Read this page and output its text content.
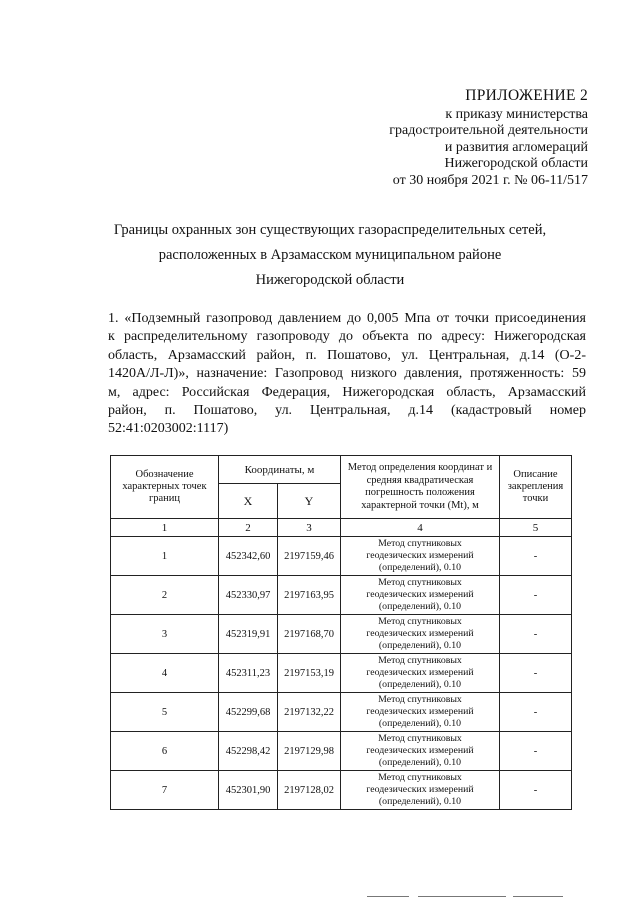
ПРИЛОЖЕНИЕ 2
к приказу министерства
градостроительной деятельности
и развития агломераций
Нижегородской области
от 30 ноября 2021 г. № 06-11/517
Границы охранных зон существующих газораспределительных сетей,
расположенных в Арзамасском муниципальном районе
Нижегородской области
1. «Подземный газопровод давлением до 0,005 Мпа от точки присоединения
к распределительному газопроводу до объекта по адресу: Нижегородская
область, Арзамасский район, п. Пошатово, ул. Центральная, д.14 (О-2-
1420А/Л-Л)», назначение: Газопровод низкого давления, протяженность: 59
м, адрес: Российская Федерация, Нижегородская область, Арзамасский
район, п. Пошатово, ул. Центральная, д.14 (кадастровый номер
52:41:0203002:1117)
Обозначение характерных точек границ	Координаты, м		Метод определения координат и средняя квадратическая погрешность положения характерной точки (Mt), м	Описание закрепления точки
	X	Y		
1	2	3	4	5
1	452342,60	2197159,46	Метод спутниковых
геодезических измерений
(определений), 0.10	-
2	452330,97	2197163,95	Метод спутниковых
геодезических измерений
(определений), 0.10	-
3	452319,91	2197168,70	Метод спутниковых
геодезических измерений
(определений), 0.10	-
4	452311,23	2197153,19	Метод спутниковых
геодезических измерений
(определений), 0.10	-
5	452299,68	2197132,22	Метод спутниковых
геодезических измерений
(определений), 0.10	-
6	452298,42	2197129,98	Метод спутниковых
геодезических измерений
(определений), 0.10	-
7	452301,90	2197128,02	Метод спутниковых
геодезических измерений
(определений), 0.10	-
